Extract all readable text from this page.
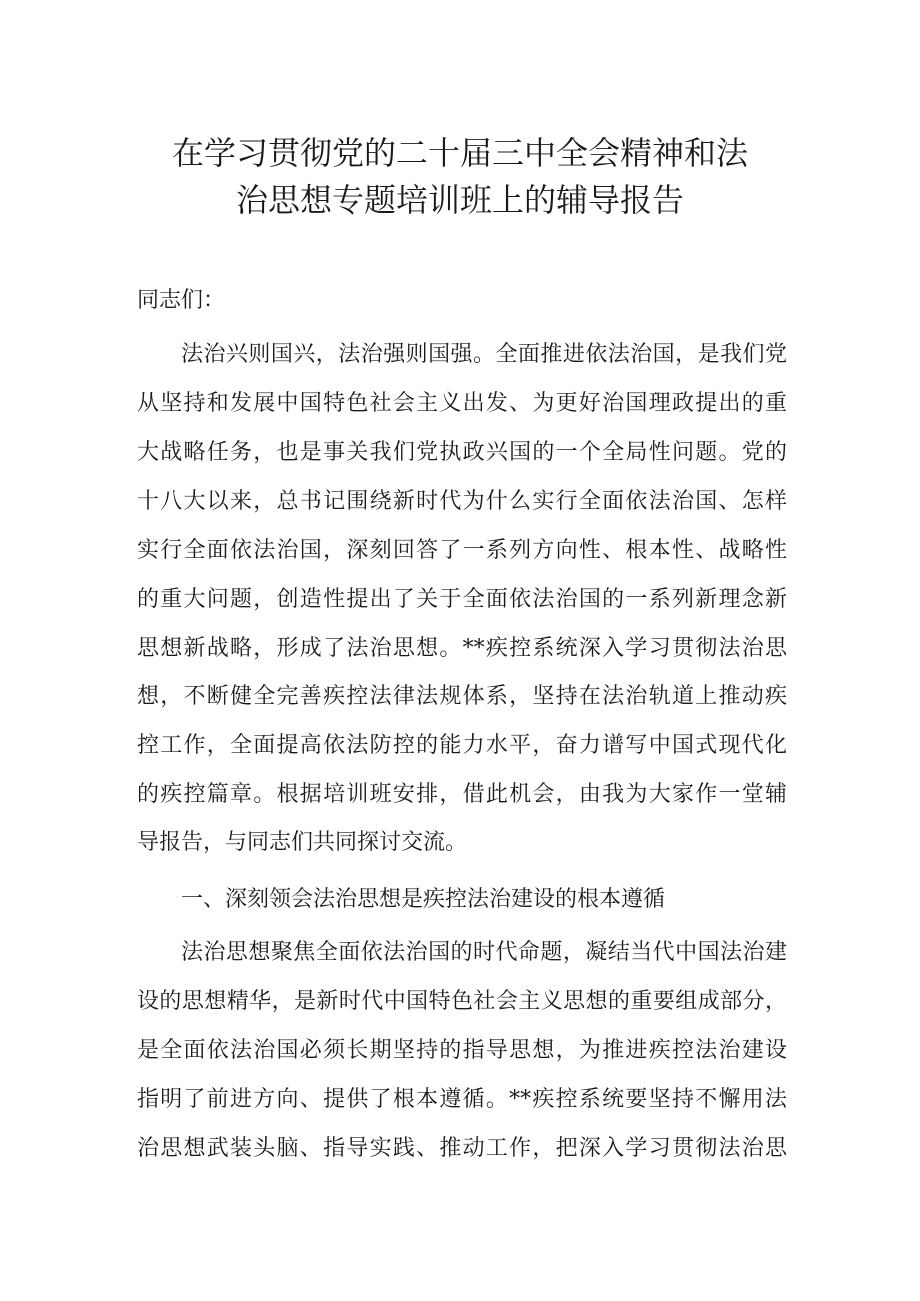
在学习贯彻党的二十届三中全会精神和法
治思想专题培训班上的辅导报告

同志们：

法治兴则国兴，法治强则国强。全面推进依法治国，是我们党

从坚持和发展中国特色社会主义出发、为更好治国理政提出的重

大战略任务，也是事关我们党执政兴国的一个全局性问题。党的

十八大以来，总书记围绕新时代为什么实行全面依法治国、怎样

实行全面依法治国，深刻回答了一系列方向性、根本性、战略性

的重大问题，创造性提出了关于全面依法治国的一系列新理念新

思想新战略，形成了法治思想。**疾控系统深入学习贯彻法治思

想，不断健全完善疾控法律法规体系，坚持在法治轨道上推动疾

控工作，全面提高依法防控的能力水平，奋力谱写中国式现代化

的疾控篇章。根据培训班安排，借此机会，由我为大家作一堂辅

导报告，与同志们共同探讨交流。

一、深刻领会法治思想是疾控法治建设的根本遵循

法治思想聚焦全面依法治国的时代命题，凝结当代中国法治建

设的思想精华，是新时代中国特色社会主义思想的重要组成部分，

是全面依法治国必须长期坚持的指导思想，为推进疾控法治建设

指明了前进方向、提供了根本遵循。**疾控系统要坚持不懈用法

治思想武装头脑、指导实践、推动工作，把深入学习贯彻法治思
